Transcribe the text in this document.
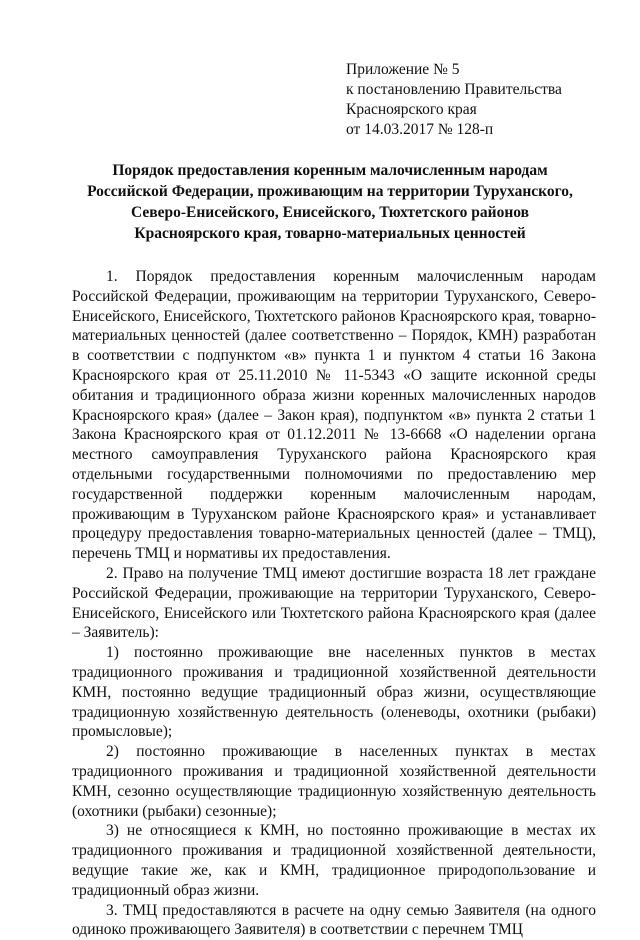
Приложение № 5
к постановлению Правительства
Красноярского края
от 14.03.2017 № 128-п
Порядок предоставления коренным малочисленным народам
Российской Федерации, проживающим на территории Туруханского,
Северо-Енисейского, Енисейского, Тюхтетского районов
Красноярского края, товарно-материальных ценностей

1. Порядок предоставления коренным малочисленным народам Российской Федерации, проживающим на территории Туруханского, Северо-Енисейского, Енисейского, Тюхтетского районов Красноярского края, товарно-материальных ценностей (далее соответственно – Порядок, КМН) разработан в соответствии с подпунктом «в» пункта 1 и пунктом 4 статьи 16 Закона Красноярского края от 25.11.2010 № 11-5343 «О защите исконной среды обитания и традиционного образа жизни коренных малочисленных народов Красноярского края» (далее – Закон края), подпунктом «в» пункта 2 статьи 1 Закона Красноярского края от 01.12.2011 № 13-6668 «О наделении органа местного самоуправления Туруханского района Красноярского края отдельными государственными полномочиями по предоставлению мер государственной поддержки коренным малочисленным народам, проживающим в Туруханском районе Красноярского края» и устанавливает процедуру предоставления товарно-материальных ценностей (далее – ТМЦ), перечень ТМЦ и нормативы их предоставления.

2. Право на получение ТМЦ имеют достигшие возраста 18 лет граждане Российской Федерации, проживающие на территории Туруханского, Северо-Енисейского, Енисейского или Тюхтетского района Красноярского края (далее – Заявитель):

1) постоянно проживающие вне населенных пунктов в местах традиционного проживания и традиционной хозяйственной деятельности КМН, постоянно ведущие традиционный образ жизни, осуществляющие традиционную хозяйственную деятельность (оленеводы, охотники (рыбаки) промысловые);

2) постоянно проживающие в населенных пунктах в местах традиционного проживания и традиционной хозяйственной деятельности КМН, сезонно осуществляющие традиционную хозяйственную деятельность (охотники (рыбаки) сезонные);

3) не относящиеся к КМН, но постоянно проживающие в местах их традиционного проживания и традиционной хозяйственной деятельности, ведущие такие же, как и КМН, традиционное природопользование и традиционный образ жизни.

3. ТМЦ предоставляются в расчете на одну семью Заявителя (на одного одиноко проживающего Заявителя) в соответствии с перечнем ТМЦ
